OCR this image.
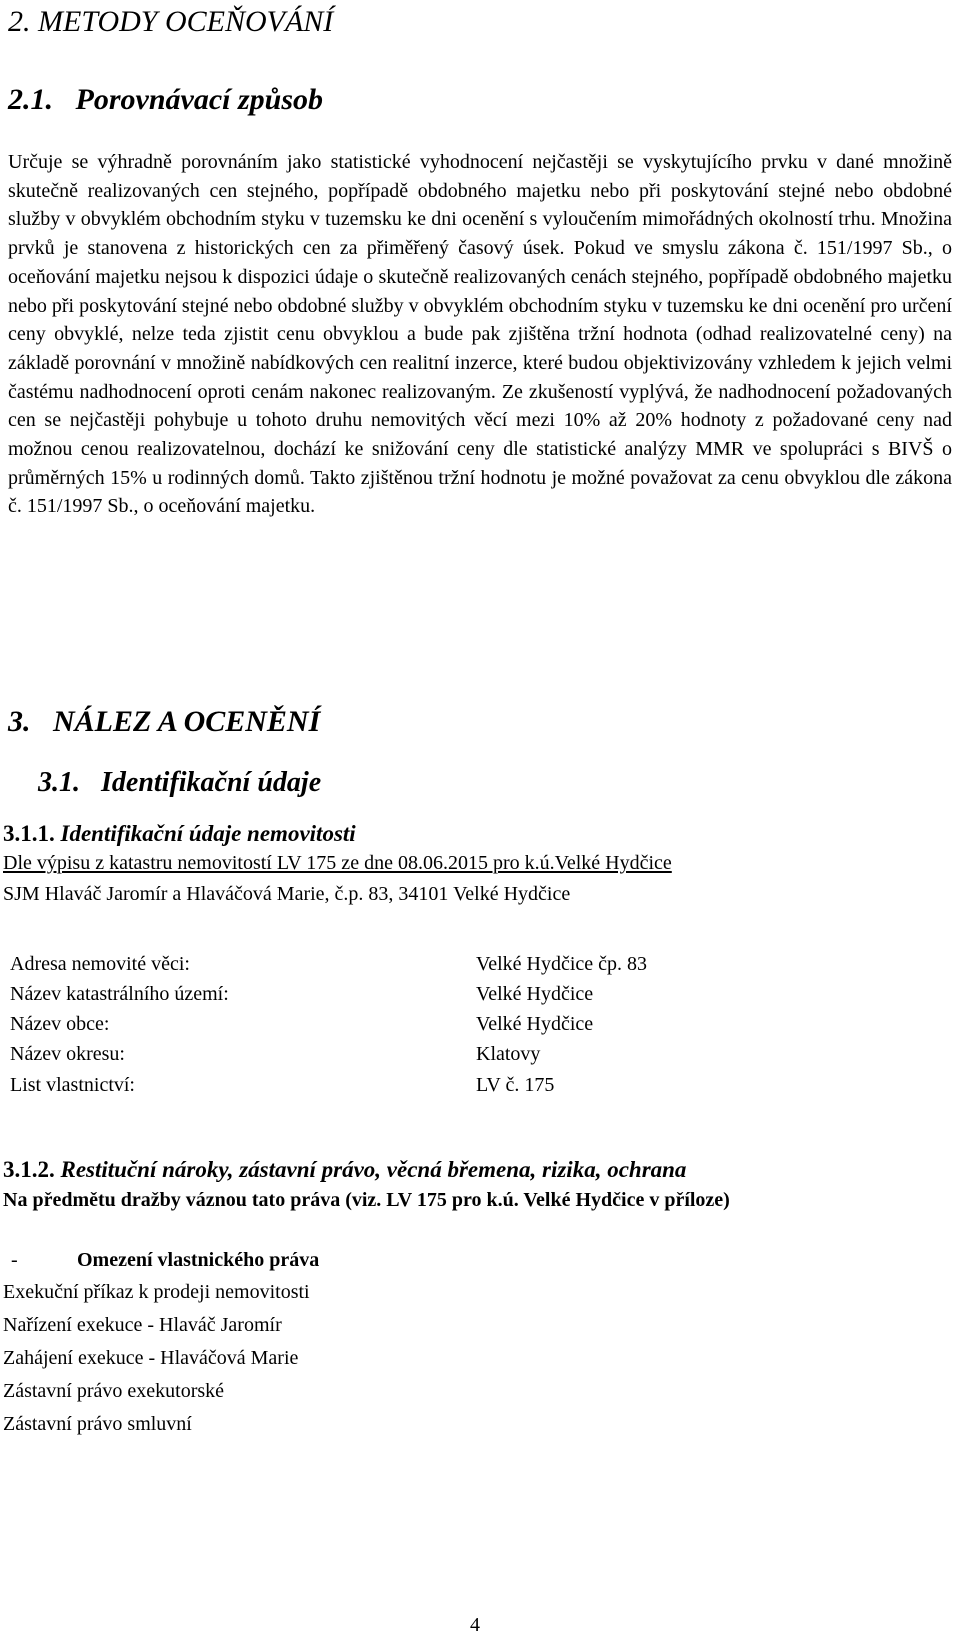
2. METODY OCEŇOVÁNÍ
2.1.   Porovnávací způsob

Určuje se výhradně porovnáním jako statistické vyhodnocení nejčastěji se vyskytujícího prvku v dané množině skutečně realizovaných cen stejného, popřípadě obdobného majetku nebo při poskytování stejné nebo obdobné služby v obvyklém obchodním styku v tuzemsku ke dni ocenění s vyloučením mimořádných okolností trhu. Množina prvků je stanovena z historických cen za přiměřený časový úsek. Pokud ve smyslu zákona č. 151/1997 Sb., o oceňování majetku nejsou k dispozici údaje o skutečně realizovaných cenách stejného, popřípadě obdobného majetku nebo při poskytování stejné nebo obdobné služby v obvyklém obchodním styku v tuzemsku ke dni ocenění pro určení ceny obvyklé, nelze teda zjistit cenu obvyklou a bude pak zjištěna tržní hodnota (odhad realizovatelné ceny) na základě porovnání v množině nabídkových cen realitní inzerce, které budou objektivizovány vzhledem k jejich velmi častému nadhodnocení oproti cenám nakonec realizovaným. Ze zkušeností vyplývá, že nadhodnocení požadovaných cen se nejčastěji pohybuje u tohoto druhu nemovitých věcí mezi 10% až 20% hodnoty z požadované ceny nad možnou cenou realizovatelnou, dochází ke snižování ceny dle statistické analýzy MMR ve spolupráci s BIVŠ o průměrných 15% u rodinných domů. Takto zjištěnou tržní hodnotu je možné považovat za cenu obvyklou dle zákona č. 151/1997 Sb., o oceňování majetku.

3.   NÁLEZ A OCENĚNÍ
3.1.   Identifikační údaje
3.1.1. Identifikační údaje nemovitosti
Dle výpisu z katastru nemovitostí LV 175 ze dne 08.06.2015 pro k.ú.Velké Hydčice
SJM Hlaváč Jaromír a Hlaváčová Marie, č.p. 83, 34101 Velké Hydčice
Adresa nemovité věci:	Velké Hydčice čp. 83
Název katastrálního území:	Velké Hydčice
Název obce:	Velké Hydčice
Název okresu:	Klatovy
List vlastnictví:	LV č. 175
3.1.2. Restituční nároky, zástavní právo, věcná břemena, rizika, ochrana
Na předmětu dražby váznou tato práva (viz. LV 175 pro k.ú. Velké Hydčice v příloze)
-	Omezení vlastnického práva
Exekuční příkaz k prodeji nemovitosti
Nařízení exekuce - Hlaváč Jaromír
Zahájení exekuce - Hlaváčová Marie
Zástavní právo exekutorské
Zástavní právo smluvní
4
